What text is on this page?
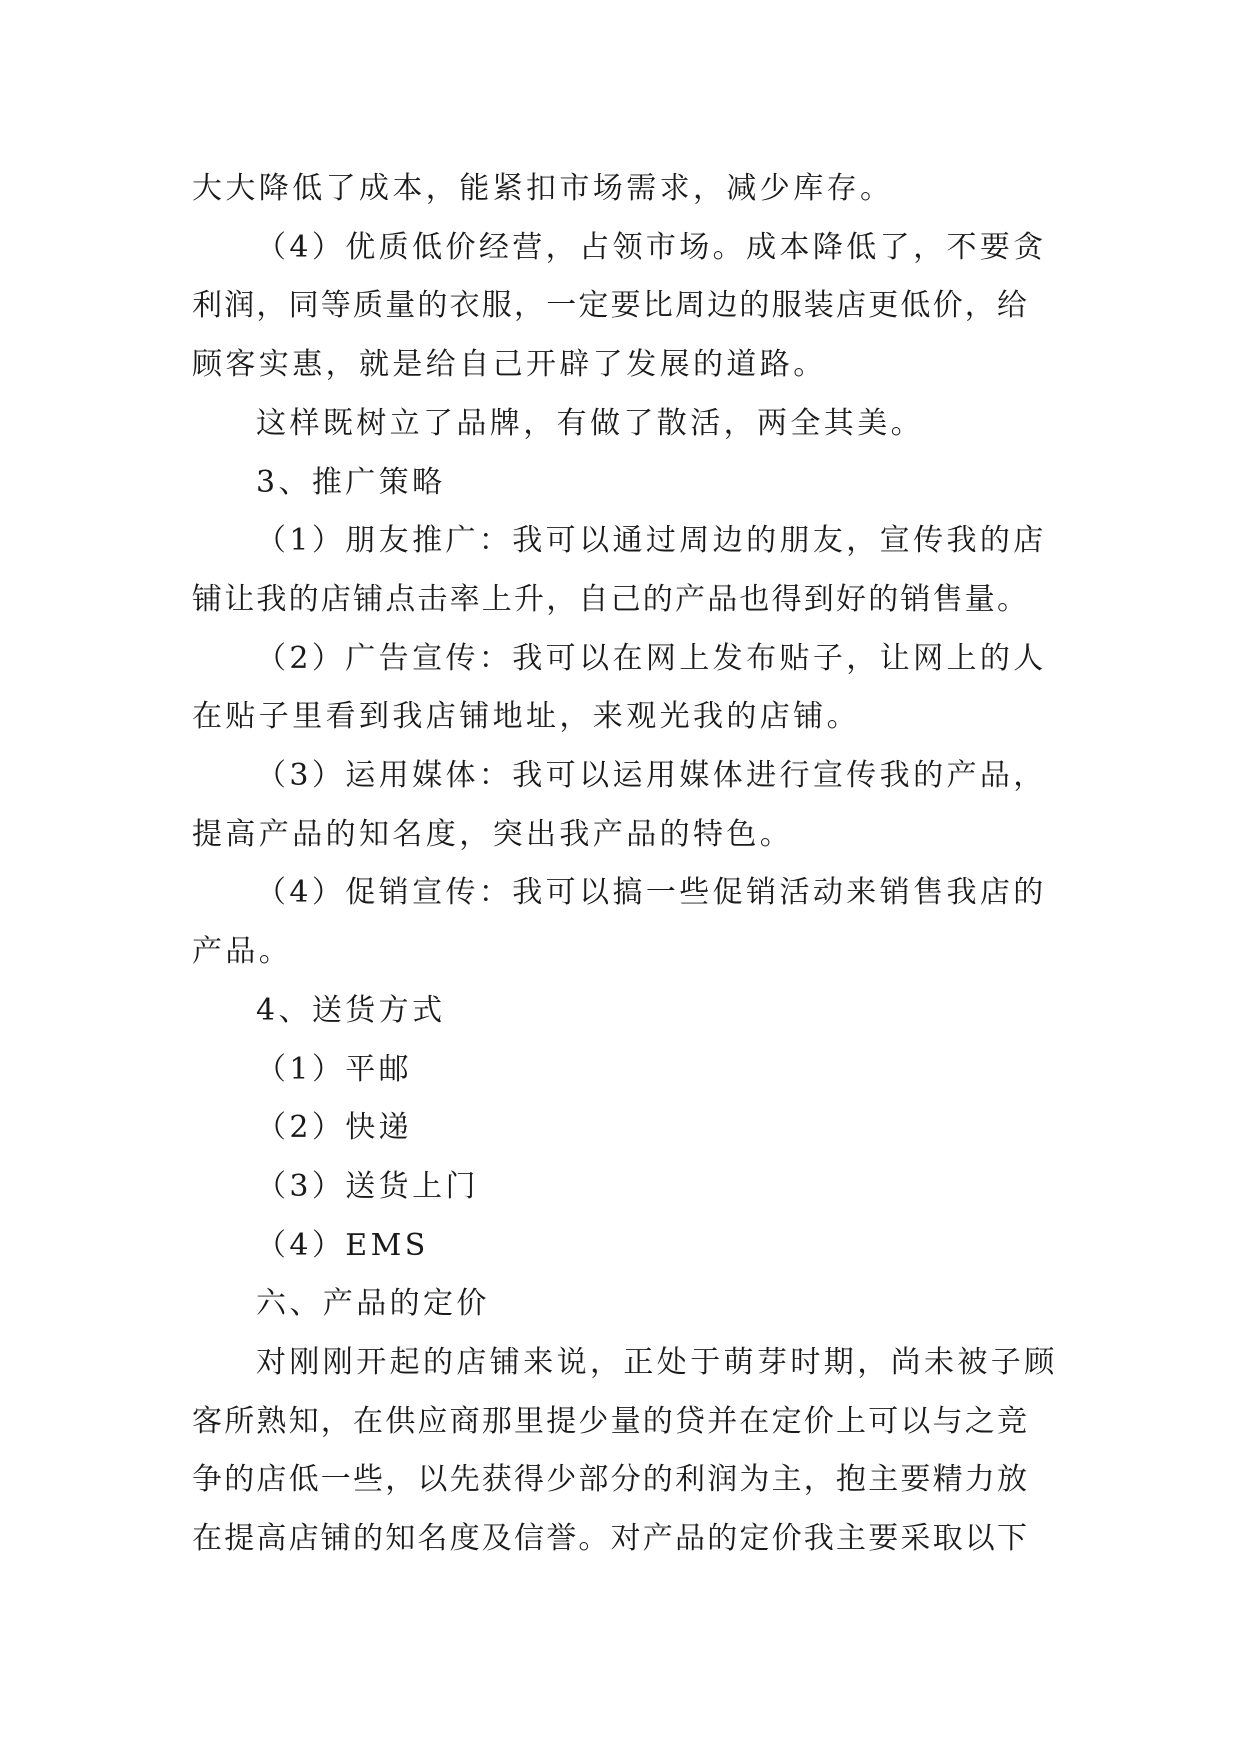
大大降低了成本，能紧扣市场需求，减少库存。

（4）优质低价经营，占领市场。成本降低了，不要贪

利润，同等质量的衣服，一定要比周边的服装店更低价，给

顾客实惠，就是给自己开辟了发展的道路。

这样既树立了品牌，有做了散活，两全其美。

3、推广策略

（1）朋友推广：我可以通过周边的朋友，宣传我的店

铺让我的店铺点击率上升，自己的产品也得到好的销售量。

（2）广告宣传：我可以在网上发布贴子，让网上的人

在贴子里看到我店铺地址，来观光我的店铺。

（3）运用媒体：我可以运用媒体进行宣传我的产品，

提高产品的知名度，突出我产品的特色。

（4）促销宣传：我可以搞一些促销活动来销售我店的

产品。

4、送货方式

（1）平邮

（2）快递

（3）送货上门

（4）EMS

六、产品的定价

对刚刚开起的店铺来说，正处于萌芽时期，尚未被子顾

客所熟知，在供应商那里提少量的贷并在定价上可以与之竞

争的店低一些，以先获得少部分的利润为主，抱主要精力放

在提高店铺的知名度及信誉。对产品的定价我主要采取以下
